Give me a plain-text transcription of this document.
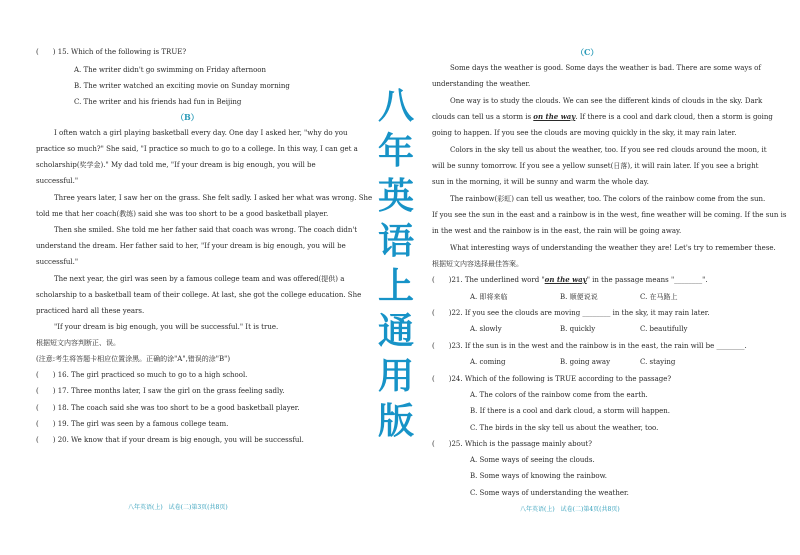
(　　) 15. Which of the following is TRUE?
A. The writer didn't go swimming on Friday afternoon
B. The writer watched an exciting movie on Sunday morning
C. The writer and his friends had fun in Beijing
（B）
I often watch a girl playing basketball every day. One day I asked her, "why do you
practice so much?" She said, "I practice so much to go to a college. In this way, I can get a
scholarship(奖学金)." My dad told me, "If your dream is big enough, you will be
successful."
Three years later, I saw her on the grass. She felt sadly. I asked her what was wrong. She
told me that her coach(教练) said she was too short to be a good basketball player.
Then she smiled. She told me her father said that coach was wrong. The coach didn't
understand the dream. Her father said to her, "If your dream is big enough, you will be
successful."
The next year, the girl was seen by a famous college team and was offered(提供) a
scholarship to a basketball team of their college. At last, she got the college education. She
practiced hard all these years.
"If your dream is big enough, you will be successful." It is true.
根据短文内容判断正、误。
(注意:考生将答题卡相应位置涂黑。正确的涂"A",错误的涂"B")
(　　) 16. The girl practiced so much to go to a high school.
(　　) 17. Three months later, I saw the girl on the grass feeling sadly.
(　　) 18. The coach said she was too short to be a good basketball player.
(　　) 19. The girl was seen by a famous college team.
(　　) 20. We know that if your dream is big enough, you will be successful.
八年英语(上)　试卷(二)第3页(共8页)
八
年
英
语
上
通
用
版
（C）
Some days the weather is good. Some days the weather is bad. There are some ways of
understanding the weather.
One way is to study the clouds. We can see the different kinds of clouds in the sky. Dark
clouds can tell us a storm is on the way. If there is a cool and dark cloud, then a storm is going
going to happen. If you see the clouds are moving quickly in the sky, it may rain later.
Colors in the sky tell us about the weather, too. If you see red clouds around the moon, it
will be sunny tomorrow. If you see a yellow sunset(日落), it will rain later. If you see a bright
sun in the morning, it will be sunny and warm the whole day.
The rainbow(彩虹) can tell us weather, too. The colors of the rainbow come from the sun.
If you see the sun in the east and a rainbow is in the west, fine weather will be coming. If the sun is
in the west and the rainbow is in the east, the rain will be going away.
What interesting ways of understanding the weather they are! Let's try to remember these.
根据短文内容选择最佳答案。
(　　)21. The underlined word "on the way" in the passage means "________".
A. 即将来临	B. 顺便说说	C. 在马路上
(　　)22. If you see the clouds are moving ________ in the sky, it may rain later.
A. slowly	B. quickly	C. beautifully
(　　)23. If the sun is in the west and the rainbow is in the east, the rain will be ________.
A. coming	B. going away	C. staying
(　　)24. Which of the following is TRUE according to the passage?
A. The colors of the rainbow come from the earth.
B. If there is a cool and dark cloud, a storm will happen.
C. The birds in the sky tell us about the weather, too.
(　　)25. Which is the passage mainly about?
A. Some ways of seeing the clouds.
B. Some ways of knowing the rainbow.
C. Some ways of understanding the weather.
八年英语(上)　试卷(二)第4页(共8页)
